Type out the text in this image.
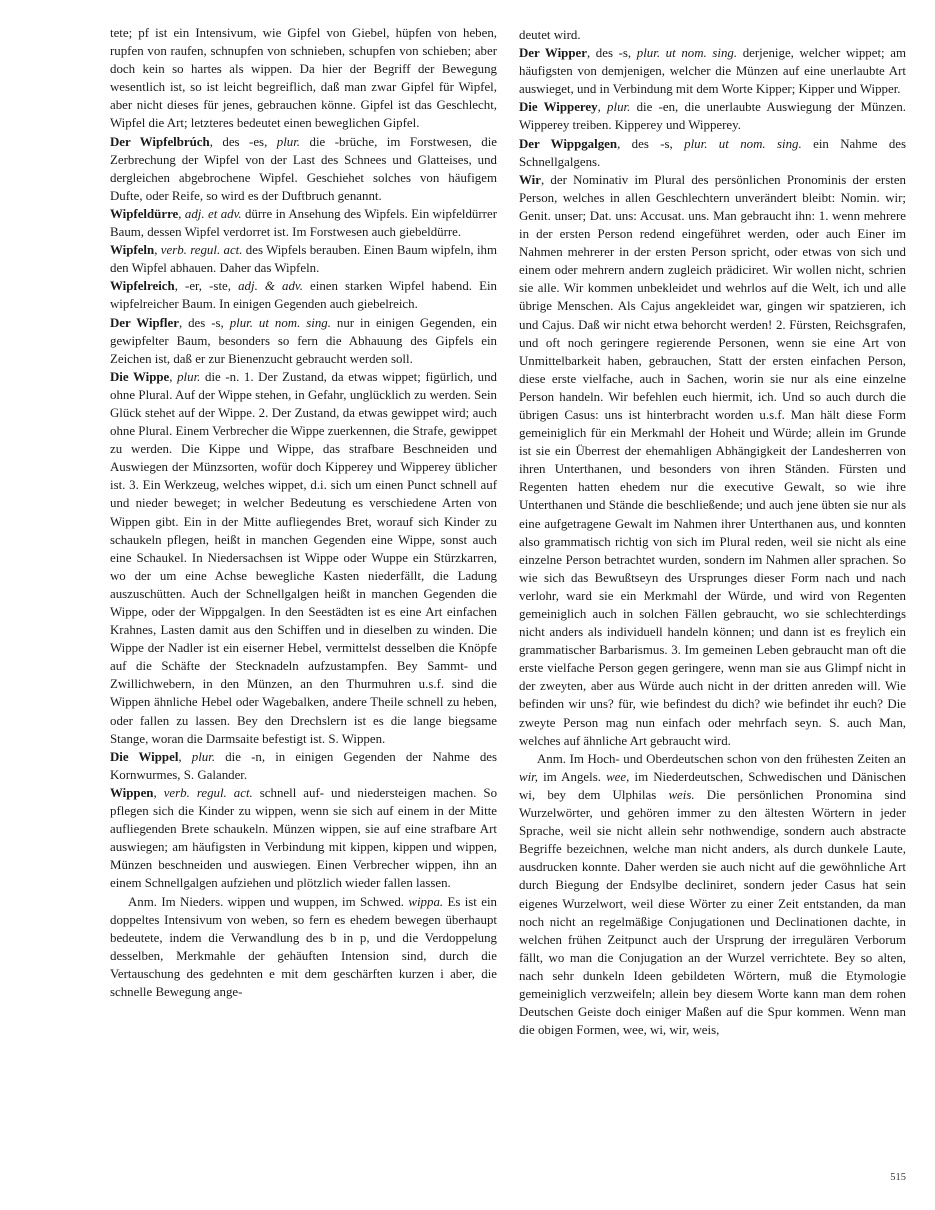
tete; pf ist ein Intensivum, wie Gipfel von Giebel, hüpfen von heben, rupfen von raufen, schnupfen von schnieben, schupfen von schieben; aber doch kein so hartes als wippen. Da hier der Begriff der Bewegung wesentlich ist, so ist leicht begreiflich, daß man zwar Gipfel für Wipfel, aber nicht dieses für jenes, gebrauchen könne. Gipfel ist das Geschlecht, Wipfel die Art; letzteres bedeutet einen beweglichen Gipfel.

Der Wipfelbrúch, des -es, plur. die -brüche, im Forstwesen, die Zerbrechung der Wipfel von der Last des Schnees und Glatteises, und dergleichen abgebrochene Wipfel. Geschiehet solches von häufigem Dufte, oder Reife, so wird es der Duftbruch genannt.

Wipfeldürre, adj. et adv. dürre in Ansehung des Wipfels. Ein wipfeldürrer Baum, dessen Wipfel verdorret ist. Im Forstwesen auch giebeldürre.

Wipfeln, verb. regul. act. des Wipfels berauben. Einen Baum wipfeln, ihm den Wipfel abhauen. Daher das Wipfeln.

Wipfelreich, -er, -ste, adj. & adv. einen starken Wipfel habend. Ein wipfelreicher Baum. In einigen Gegenden auch giebelreich.

Der Wipfler, des -s, plur. ut nom. sing. nur in einigen Gegenden, ein gewipfelter Baum, besonders so fern die Abhauung des Gipfels ein Zeichen ist, daß er zur Bienenzucht gebraucht werden soll.

Die Wippe, plur. die -n. 1. Der Zustand, da etwas wippet; figürlich, und ohne Plural. Auf der Wippe stehen, in Gefahr, unglücklich zu werden. Sein Glück stehet auf der Wippe. 2. Der Zustand, da etwas gewippet wird; auch ohne Plural. Einem Verbrecher die Wippe zuerkennen, die Strafe, gewippet zu werden. Die Kippe und Wippe, das strafbare Beschneiden und Auswiegen der Münzsorten, wofür doch Kipperey und Wipperey üblicher ist. 3. Ein Werkzeug, welches wippet, d.i. sich um einen Punct schnell auf und nieder beweget; in welcher Bedeutung es verschiedene Arten von Wippen gibt. Ein in der Mitte aufliegendes Bret, worauf sich Kinder zu schaukeln pflegen, heißt in manchen Gegenden eine Wippe, sonst auch eine Schaukel. In Niedersachsen ist Wippe oder Wuppe ein Stürzkarren, wo der um eine Achse bewegliche Kasten niederfällt, die Ladung auszuschütten. Auch der Schnellgalgen heißt in manchen Gegenden die Wippe, oder der Wippgalgen. In den Seestädten ist es eine Art einfachen Krahnes, Lasten damit aus den Schiffen und in dieselben zu winden. Die Wippe der Nadler ist ein eiserner Hebel, vermittelst desselben die Knöpfe auf die Schäfte der Stecknadeln aufzustampfen. Bey Sammt- und Zwillichwebern, in den Münzen, an den Thurmuhren u.s.f. sind die Wippen ähnliche Hebel oder Wagebalken, andere Theile schnell zu heben, oder fallen zu lassen. Bey den Drechslern ist es die lange biegsame Stange, woran die Darmsaite befestigt ist. S. Wippen.

Die Wippel, plur. die -n, in einigen Gegenden der Nahme des Kornwurmes, S. Galander.

Wippen, verb. regul. act. schnell auf- und niedersteigen machen. So pflegen sich die Kinder zu wippen, wenn sie sich auf einem in der Mitte aufliegenden Brete schaukeln. Münzen wippen, sie auf eine strafbare Art auswiegen; am häufigsten in Verbindung mit kippen, kippen und wippen, Münzen beschneiden und auswiegen. Einen Verbrecher wippen, ihn an einem Schnellgalgen aufziehen und plötzlich wieder fallen lassen.

Anm. Im Nieders. wippen und wuppen, im Schwed. wippa. Es ist ein doppeltes Intensivum von weben, so fern es ehedem bewegen überhaupt bedeutete, indem die Verwandlung des b in p, und die Verdoppelung desselben, Merkmahle der gehäuften Intension sind, durch die Vertauschung des gedehnten e mit dem geschärften kurzen i aber, die schnelle Bewegung ange-

deutet wird.

Der Wipper, des -s, plur. ut nom. sing. derjenige, welcher wippet; am häufigsten von demjenigen, welcher die Münzen auf eine unerlaubte Art auswieget, und in Verbindung mit dem Worte Kipper; Kipper und Wipper.

Die Wipperey, plur. die -en, die unerlaubte Auswiegung der Münzen. Wipperey treiben. Kipperey und Wipperey.

Der Wippgalgen, des -s, plur. ut nom. sing. ein Nahme des Schnellgalgens.

Wir, der Nominativ im Plural des persönlichen Pronominis der ersten Person, welches in allen Geschlechtern unverändert bleibt: Nomin. wir; Genit. unser; Dat. uns: Accusat. uns. Man gebraucht ihn: 1. wenn mehrere in der ersten Person redend eingeführet werden, oder auch Einer im Nahmen mehrerer in der ersten Person spricht, oder etwas von sich und einem oder mehrern andern zugleich prädiciret. Wir wollen nicht, schrien sie alle. Wir kommen unbekleidet und wehrlos auf die Welt, ich und alle übrige Menschen. Als Cajus angekleidet war, gingen wir spatzieren, ich und Cajus. Daß wir nicht etwa behorcht werden! 2. Fürsten, Reichsgrafen, und oft noch geringere regierende Personen, wenn sie eine Art von Unmittelbarkeit haben, gebrauchen, Statt der ersten einfachen Person, diese erste vielfache, auch in Sachen, worin sie nur als eine einzelne Person handeln. Wir befehlen euch hiermit, ich. Und so auch durch die übrigen Casus: uns ist hinterbracht worden u.s.f. Man hält diese Form gemeiniglich für ein Merkmahl der Hoheit und Würde; allein im Grunde ist sie ein Überrest der ehemahligen Abhängigkeit der Landesherren von ihren Unterthanen, und besonders von ihren Ständen. Fürsten und Regenten hatten ehedem nur die executive Gewalt, so wie ihre Unterthanen und Stände die beschließende; und auch jene übten sie nur als eine aufgetragene Gewalt im Nahmen ihrer Unterthanen aus, und konnten also grammatisch richtig von sich im Plural reden, weil sie nicht als eine einzelne Person betrachtet wurden, sondern im Nahmen aller sprachen. So wie sich das Bewußtseyn des Ursprunges dieser Form nach und nach verlohr, ward sie ein Merkmahl der Würde, und wird von Regenten gemeiniglich auch in solchen Fällen gebraucht, wo sie schlechterdings nicht anders als individuell handeln können; und dann ist es freylich ein grammatischer Barbarismus. 3. Im gemeinen Leben gebraucht man oft die erste vielfache Person gegen geringere, wenn man sie aus Glimpf nicht in der zweyten, aber aus Würde auch nicht in der dritten anreden will. Wie befinden wir uns? für, wie befindest du dich? wie befindet ihr euch? Die zweyte Person mag nun einfach oder mehrfach seyn. S. auch Man, welches auf ähnliche Art gebraucht wird.

Anm. Im Hoch- und Oberdeutschen schon von den frühesten Zeiten an wir, im Angels. wee, im Niederdeutschen, Schwedischen und Dänischen wi, bey dem Ulphilas weis. Die persönlichen Pronomina sind Wurzelwörter, und gehören immer zu den ältesten Wörtern in jeder Sprache, weil sie nicht allein sehr nothwendige, sondern auch abstracte Begriffe bezeichnen, welche man nicht anders, als durch dunkele Laute, ausdrucken konnte. Daher werden sie auch nicht auf die gewöhnliche Art durch Biegung der Endsylbe decliniret, sondern jeder Casus hat sein eigenes Wurzelwort, weil diese Wörter zu einer Zeit entstanden, da man noch nicht an regelmäßige Conjugationen und Declinationen dachte, in welchen frühen Zeitpunct auch der Ursprung der irregulären Verborum fällt, wo man die Conjugation an der Wurzel verrichtete. Bey so alten, nach sehr dunkeln Ideen gebildeten Wörtern, muß die Etymologie gemeiniglich verzweifeln; allein bey diesem Worte kann man dem rohen Deutschen Geiste doch einiger Maßen auf die Spur kommen. Wenn man die obigen Formen, wee, wi, wir, weis,

515
